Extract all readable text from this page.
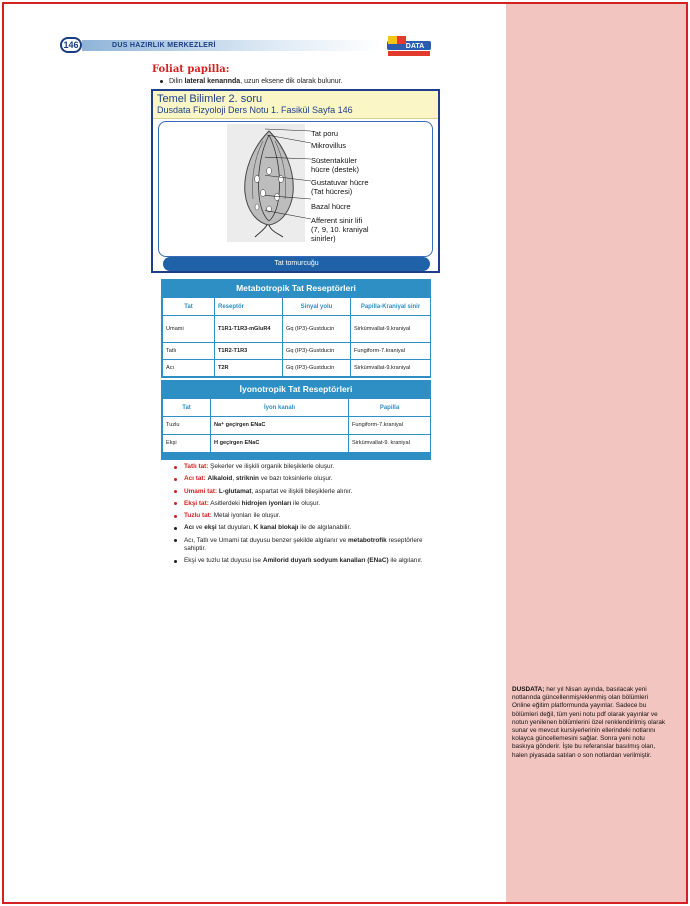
146	DUS HAZIRLIK MERKEZLERİ	DATA
Foliat papilla:
Dilin lateral kenarında, uzun eksene dik olarak bulunur.
Temel Bilimler 2. soru
Dusdata Fizyoloji Ders Notu 1. Fasikül Sayfa 146
Tat poru
Mikrovillus
Süstentaküler
hücre (destek)
Gustatuvar hücre
(Tat hücresi)
Bazal hücre
Afferent sinir lifi
(7, 9, 10. kraniyal
sinirler)
Tat tomurcuğu
Metabotropik Tat Reseptörleri
Tat	Reseptör	Sinyal yolu	Papilla-Kraniyal sinir
Umami	T1R1-T1R3-mGluR4	Gq (IP3)-Gustducin	Sirkümvallat-9.kraniyal
Tatlı	T1R2-T1R3	Gq (IP3)-Gustducin	Fungiform-7.kraniyal
Acı	T2R	Gq (IP3)-Gustducin	Sirkümvallat-9.kraniyal
İyonotropik Tat Reseptörleri
Tat	İyon kanalı	Papilla
Tuzlu	Na⁺ geçirgen ENaC	Fungiform-7.kraniyal
Ekşi	H geçirgen ENaC	Sirkümvallat-9. kraniyal
Tatlı tat: Şekerler ve ilişkili organik bileşiklerle oluşur.
Acı tat: Alkaloid, striknin ve bazı toksinlerle oluşur.
Umami tat: L-glutamat, aspartat ve ilişkili bileşiklerle alınır.
Ekşi tat: Asitlerdeki hidrojen iyonları ile oluşur.
Tuzlu tat: Metal iyonları ile oluşur.
Acı ve ekşi tat duyuları, K kanal blokajı ile de algılanabilir.
Acı, Tatlı ve Umami tat duyusu benzer şekilde algılanır ve metabotrofik reseptörlere sahiptir.
Ekşi ve tuzlu tat duyusu ise Amilorid duyarlı sodyum kanalları (ENaC) ile algılanır.
DUSDATA; her yıl Nisan ayında, basılacak yeni notlarında güncellenmiş/eklenmiş olan bölümleri Online eğitim platformunda yayınlar. Sadece bu bölümleri değil, tüm yeni notu pdf olarak yayınlar ve notun yenilenen bölümlerini özel renklendirilmiş olarak sunar ve mevcut kursiyerlerinin ellerindeki notlarını kolayca güncellemesini sağlar. Sonra yeni notu baskıya gönderir. İşte bu referanslar basılmış olan, halen piyasada satılan o son notlardan verilmiştir.
